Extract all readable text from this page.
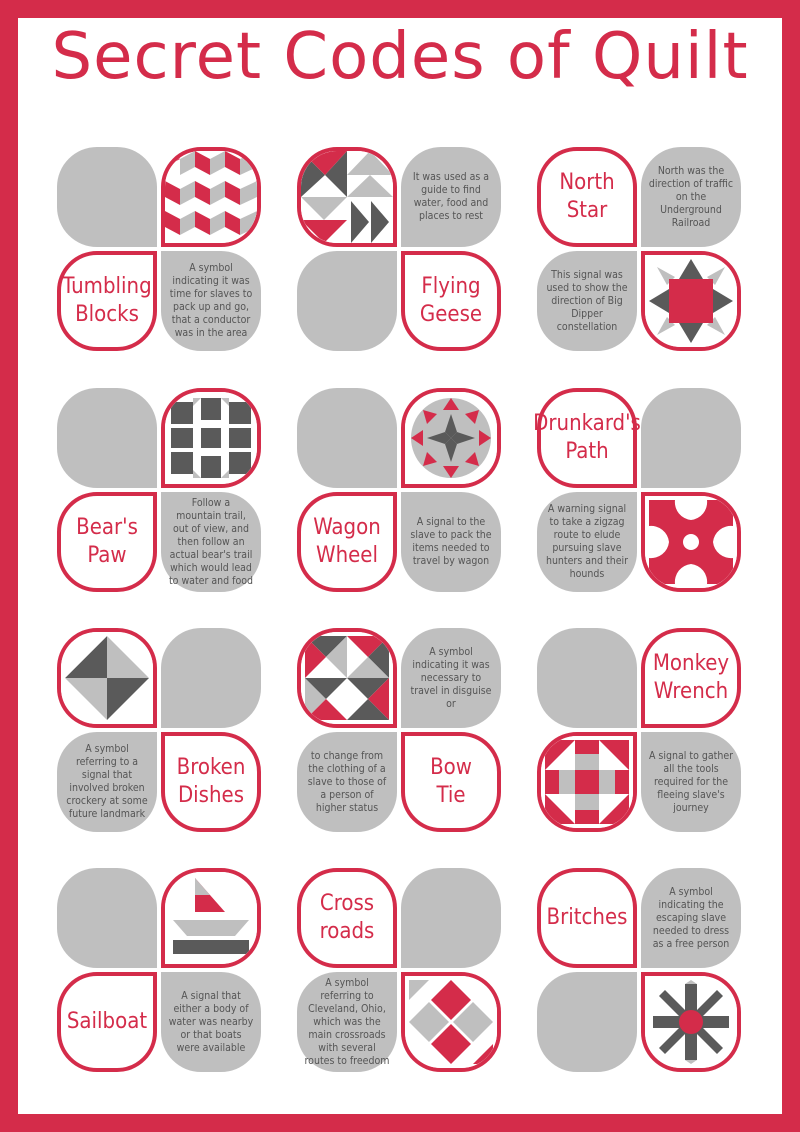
Secret Codes of Quilt
Tumbling
Blocks
A symbol indicating it was time for slaves to pack up and go, that a conductor was in the area
It was used as a guide to find water, food and places to rest
Flying
Geese
North
Star
North was the direction of traffic on the Underground Railroad
This signal was used to show the direction of Big Dipper constellation
Bear's
Paw
Follow a mountain trail, out of view, and then follow an actual bear's trail which would lead to water and food
Wagon
Wheel
A signal to the slave to pack the items needed to travel by wagon
Drunkard's
Path
A warning signal to take a zigzag route to elude pursuing slave hunters and their hounds
A symbol referring to a signal that involved broken crockery at some future landmark
Broken
Dishes
A symbol indicating it was necessary to travel in disguise or
to change from the clothing of a slave to those of a person of higher status
Bow
Tie
Monkey
Wrench
A signal to gather all the tools required for the fleeing slave's journey
Sailboat
A signal that either a body of water was nearby or that boats were available
Cross
roads
A symbol referring to Cleveland, Ohio, which was the main crossroads with several routes to freedom
Britches
A symbol indicating the escaping slave needed to dress as a free person
